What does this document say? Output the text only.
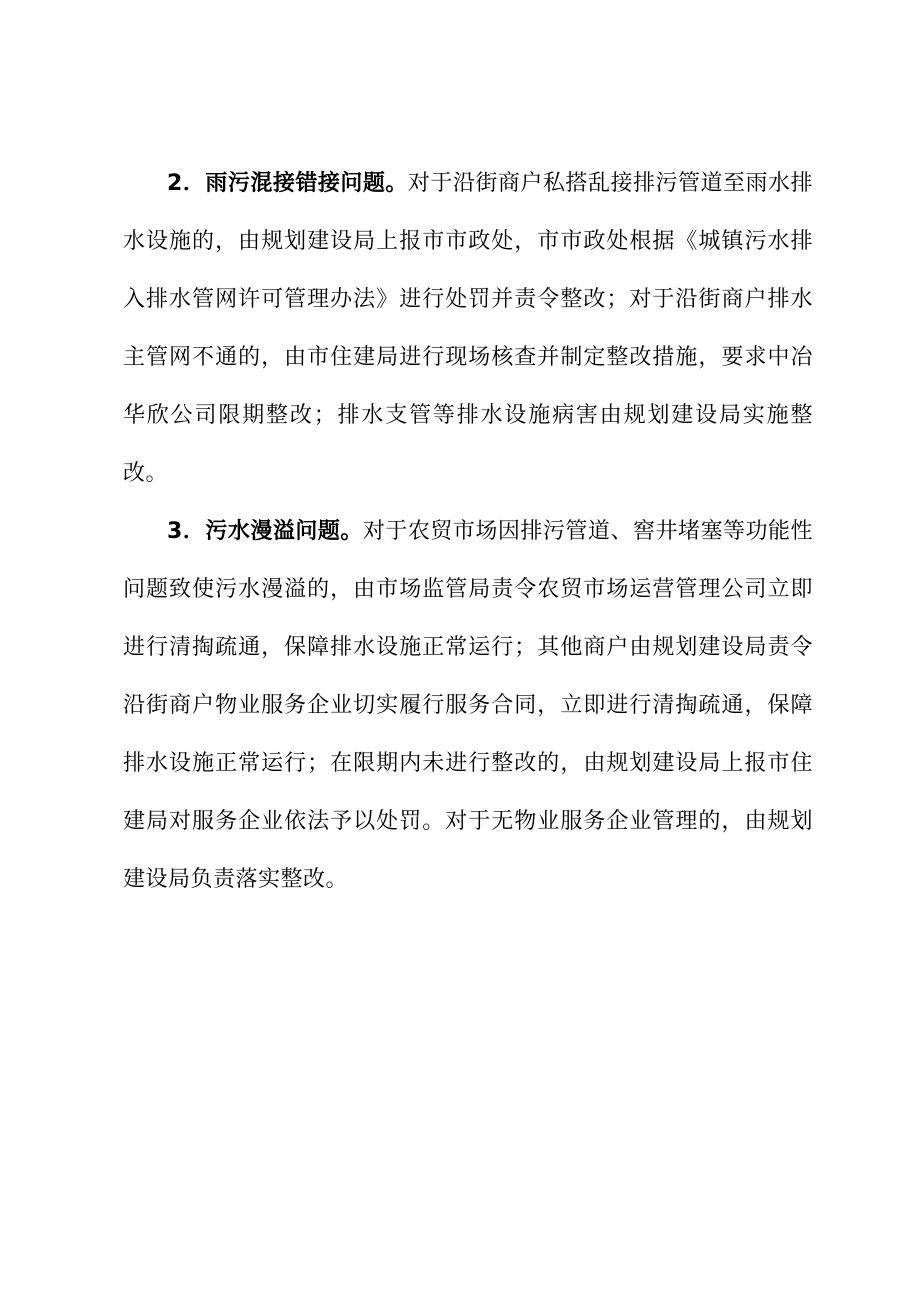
2．雨污混接错接问题。对于沿街商户私搭乱接排污管道至雨水排水设施的，由规划建设局上报市市政处，市市政处根据《城镇污水排入排水管网许可管理办法》进行处罚并责令整改；对于沿街商户排水主管网不通的，由市住建局进行现场核查并制定整改措施，要求中冶华欣公司限期整改；排水支管等排水设施病害由规划建设局实施整改。

3．污水漫溢问题。对于农贸市场因排污管道、窖井堵塞等功能性问题致使污水漫溢的，由市场监管局责令农贸市场运营管理公司立即进行清掏疏通，保障排水设施正常运行；其他商户由规划建设局责令沿街商户物业服务企业切实履行服务合同，立即进行清掏疏通，保障排水设施正常运行；在限期内未进行整改的，由规划建设局上报市住建局对服务企业依法予以处罚。对于无物业服务企业管理的，由规划建设局负责落实整改。
